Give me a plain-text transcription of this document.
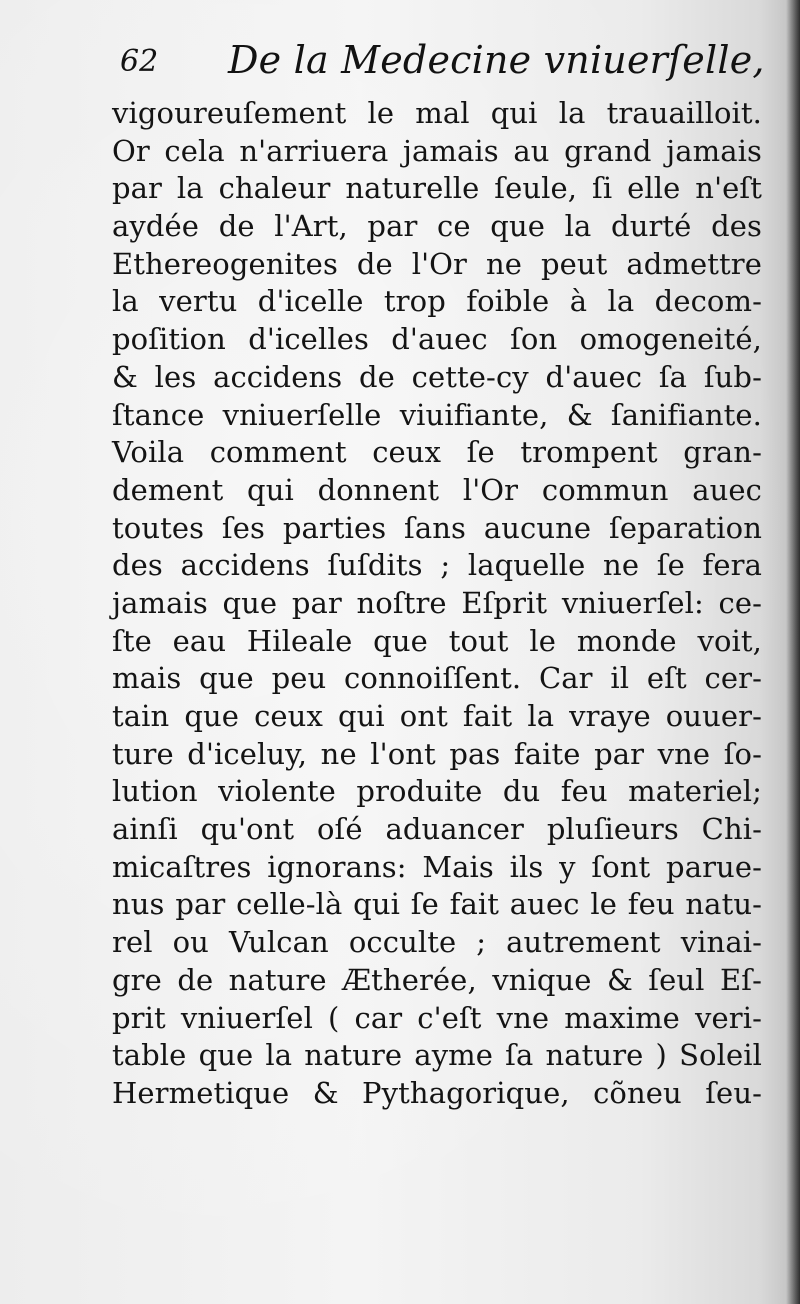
62 De la Medecine vniuerſelle,
vigoureuſement le mal qui la trauailloit.
Or cela n'arriuera jamais au grand jamais
par la chaleur naturelle ſeule, ſi elle n'eſt
aydée de l'Art, par ce que la durté des
Ethereogenites de l'Or ne peut admettre
la vertu d'icelle trop foible à la decom-
poſition d'icelles d'auec ſon omogeneité,
& les accidens de cette-cy d'auec ſa ſub-
ſtance vniuerſelle viuifiante, & ſanifiante.
Voila comment ceux ſe trompent gran-
dement qui donnent l'Or commun auec
toutes ſes parties ſans aucune ſeparation
des accidens ſuſdits ; laquelle ne ſe fera
jamais que par noſtre Eſprit vniuerſel: ce-
ſte eau Hileale que tout le monde voit,
mais que peu connoiſſent. Car il eſt cer-
tain que ceux qui ont fait la vraye ouuer-
ture d'iceluy, ne l'ont pas faite par vne ſo-
lution violente produite du feu materiel;
ainſi qu'ont oſé aduancer pluſieurs Chi-
micaſtres ignorans: Mais ils y ſont parue-
nus par celle-là qui ſe fait auec le feu natu-
rel ou Vulcan occulte ; autrement vinai-
gre de nature Ætherée, vnique & ſeul Eſ-
prit vniuerſel ( car c'eſt vne maxime veri-
table que la nature ayme ſa nature ) Soleil
Hermetique & Pythagorique, cõneu ſeu-
